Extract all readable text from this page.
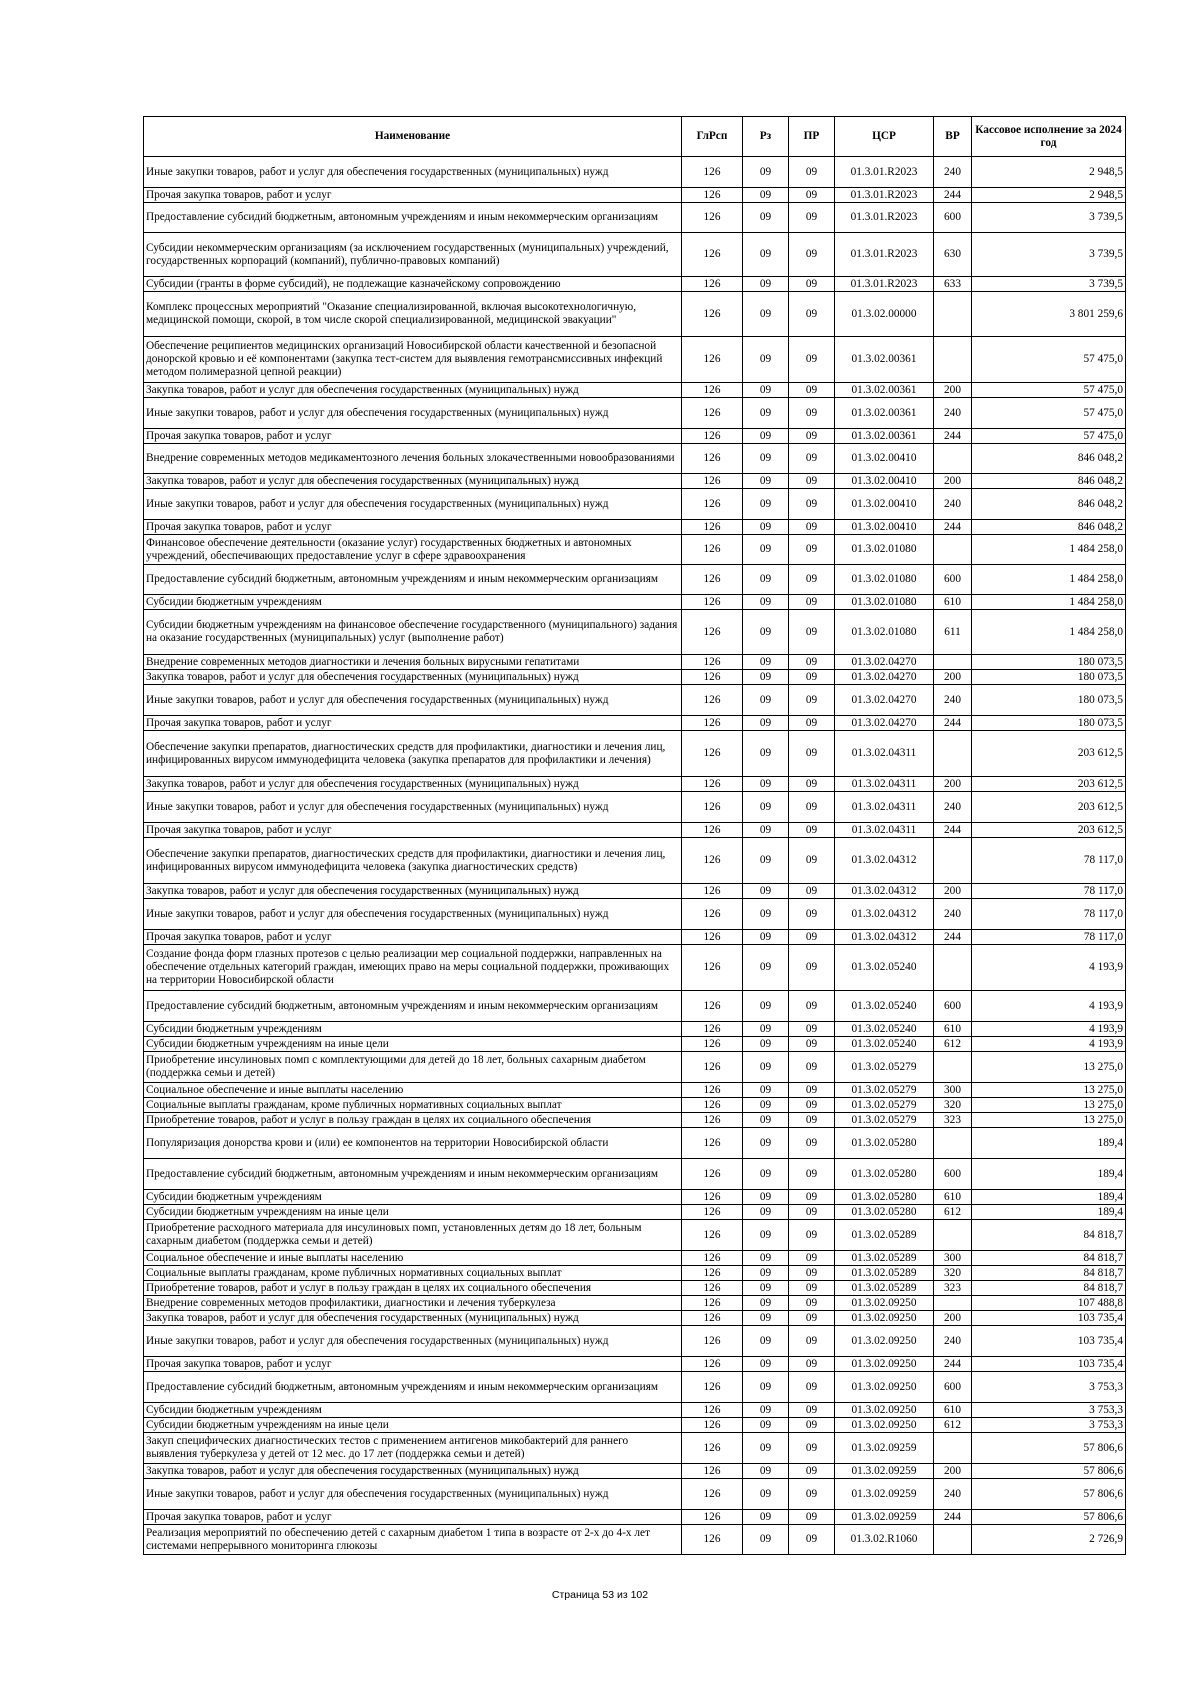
Наименование	ГлРсп	Рз	ПР	ЦСР	ВР	Кассовое исполнение за 2024 год
Иные закупки товаров, работ и услуг для обеспечения государственных (муниципальных) нужд	126	09	09	01.3.01.R2023	240	2 948,5
Прочая закупка товаров, работ и услуг	126	09	09	01.3.01.R2023	244	2 948,5
Предоставление субсидий бюджетным, автономным учреждениям и иным некоммерческим организациям	126	09	09	01.3.01.R2023	600	3 739,5
Субсидии некоммерческим организациям (за исключением государственных (муниципальных) учреждений, государственных корпораций (компаний), публично-правовых компаний)	126	09	09	01.3.01.R2023	630	3 739,5
Субсидии (гранты в форме субсидий), не подлежащие казначейскому сопровождению	126	09	09	01.3.01.R2023	633	3 739,5
Комплекс процессных мероприятий "Оказание специализированной, включая высокотехнологичную, медицинской помощи, скорой, в том числе скорой специализированной, медицинской эвакуации"	126	09	09	01.3.02.00000		3 801 259,6
Обеспечение реципиентов медицинских организаций Новосибирской области качественной и безопасной донорской кровью и её компонентами (закупка тест-систем для выявления гемотрансмиссивных инфекций методом полимеразной цепной реакции)	126	09	09	01.3.02.00361		57 475,0
Закупка товаров, работ и услуг для обеспечения государственных (муниципальных) нужд	126	09	09	01.3.02.00361	200	57 475,0
Иные закупки товаров, работ и услуг для обеспечения государственных (муниципальных) нужд	126	09	09	01.3.02.00361	240	57 475,0
Прочая закупка товаров, работ и услуг	126	09	09	01.3.02.00361	244	57 475,0
Внедрение современных методов медикаментозного лечения больных злокачественными новообразованиями	126	09	09	01.3.02.00410		846 048,2
Закупка товаров, работ и услуг для обеспечения государственных (муниципальных) нужд	126	09	09	01.3.02.00410	200	846 048,2
Иные закупки товаров, работ и услуг для обеспечения государственных (муниципальных) нужд	126	09	09	01.3.02.00410	240	846 048,2
Прочая закупка товаров, работ и услуг	126	09	09	01.3.02.00410	244	846 048,2
Финансовое обеспечение деятельности (оказание услуг) государственных бюджетных и автономных учреждений, обеспечивающих предоставление услуг в сфере здравоохранения	126	09	09	01.3.02.01080		1 484 258,0
Предоставление субсидий бюджетным, автономным учреждениям и иным некоммерческим организациям	126	09	09	01.3.02.01080	600	1 484 258,0
Субсидии бюджетным учреждениям	126	09	09	01.3.02.01080	610	1 484 258,0
Субсидии бюджетным учреждениям на финансовое обеспечение государственного (муниципального) задания на оказание государственных (муниципальных) услуг (выполнение работ)	126	09	09	01.3.02.01080	611	1 484 258,0
Внедрение современных методов диагностики и лечения больных вирусными гепатитами	126	09	09	01.3.02.04270		180 073,5
Закупка товаров, работ и услуг для обеспечения государственных (муниципальных) нужд	126	09	09	01.3.02.04270	200	180 073,5
Иные закупки товаров, работ и услуг для обеспечения государственных (муниципальных) нужд	126	09	09	01.3.02.04270	240	180 073,5
Прочая закупка товаров, работ и услуг	126	09	09	01.3.02.04270	244	180 073,5
Обеспечение закупки препаратов, диагностических средств для профилактики, диагностики и лечения лиц, инфицированных вирусом иммунодефицита человека (закупка препаратов для профилактики и лечения)	126	09	09	01.3.02.04311		203 612,5
Закупка товаров, работ и услуг для обеспечения государственных (муниципальных) нужд	126	09	09	01.3.02.04311	200	203 612,5
Иные закупки товаров, работ и услуг для обеспечения государственных (муниципальных) нужд	126	09	09	01.3.02.04311	240	203 612,5
Прочая закупка товаров, работ и услуг	126	09	09	01.3.02.04311	244	203 612,5
Обеспечение закупки препаратов, диагностических средств для профилактики, диагностики и лечения лиц, инфицированных вирусом иммунодефицита человека (закупка диагностических средств)	126	09	09	01.3.02.04312		78 117,0
Закупка товаров, работ и услуг для обеспечения государственных (муниципальных) нужд	126	09	09	01.3.02.04312	200	78 117,0
Иные закупки товаров, работ и услуг для обеспечения государственных (муниципальных) нужд	126	09	09	01.3.02.04312	240	78 117,0
Прочая закупка товаров, работ и услуг	126	09	09	01.3.02.04312	244	78 117,0
Создание фонда форм глазных протезов с целью реализации мер социальной поддержки, направленных на обеспечение отдельных категорий граждан, имеющих право на меры социальной поддержки, проживающих на территории Новосибирской области	126	09	09	01.3.02.05240		4 193,9
Предоставление субсидий бюджетным, автономным учреждениям и иным некоммерческим организациям	126	09	09	01.3.02.05240	600	4 193,9
Субсидии бюджетным учреждениям	126	09	09	01.3.02.05240	610	4 193,9
Субсидии бюджетным учреждениям на иные цели	126	09	09	01.3.02.05240	612	4 193,9
Приобретение инсулиновых помп с комплектующими для детей до 18 лет, больных сахарным диабетом (поддержка семьи и детей)	126	09	09	01.3.02.05279		13 275,0
Социальное обеспечение и иные выплаты населению	126	09	09	01.3.02.05279	300	13 275,0
Социальные выплаты гражданам, кроме публичных нормативных социальных выплат	126	09	09	01.3.02.05279	320	13 275,0
Приобретение товаров, работ и услуг в пользу граждан в целях их социального обеспечения	126	09	09	01.3.02.05279	323	13 275,0
Популяризация донорства крови и (или) ее компонентов на территории Новосибирской области	126	09	09	01.3.02.05280		189,4
Предоставление субсидий бюджетным, автономным учреждениям и иным некоммерческим организациям	126	09	09	01.3.02.05280	600	189,4
Субсидии бюджетным учреждениям	126	09	09	01.3.02.05280	610	189,4
Субсидии бюджетным учреждениям на иные цели	126	09	09	01.3.02.05280	612	189,4
Приобретение расходного материала для инсулиновых помп, установленных детям до 18 лет, больным сахарным диабетом (поддержка семьи и детей)	126	09	09	01.3.02.05289		84 818,7
Социальное обеспечение и иные выплаты населению	126	09	09	01.3.02.05289	300	84 818,7
Социальные выплаты гражданам, кроме публичных нормативных социальных выплат	126	09	09	01.3.02.05289	320	84 818,7
Приобретение товаров, работ и услуг в пользу граждан в целях их социального обеспечения	126	09	09	01.3.02.05289	323	84 818,7
Внедрение современных методов профилактики, диагностики и лечения туберкулеза	126	09	09	01.3.02.09250		107 488,8
Закупка товаров, работ и услуг для обеспечения государственных (муниципальных) нужд	126	09	09	01.3.02.09250	200	103 735,4
Иные закупки товаров, работ и услуг для обеспечения государственных (муниципальных) нужд	126	09	09	01.3.02.09250	240	103 735,4
Прочая закупка товаров, работ и услуг	126	09	09	01.3.02.09250	244	103 735,4
Предоставление субсидий бюджетным, автономным учреждениям и иным некоммерческим организациям	126	09	09	01.3.02.09250	600	3 753,3
Субсидии бюджетным учреждениям	126	09	09	01.3.02.09250	610	3 753,3
Субсидии бюджетным учреждениям на иные цели	126	09	09	01.3.02.09250	612	3 753,3
Закуп специфических диагностических тестов с применением антигенов микобактерий для раннего выявления туберкулеза у детей от 12 мес. до 17 лет (поддержка семьи и детей)	126	09	09	01.3.02.09259		57 806,6
Закупка товаров, работ и услуг для обеспечения государственных (муниципальных) нужд	126	09	09	01.3.02.09259	200	57 806,6
Иные закупки товаров, работ и услуг для обеспечения государственных (муниципальных) нужд	126	09	09	01.3.02.09259	240	57 806,6
Прочая закупка товаров, работ и услуг	126	09	09	01.3.02.09259	244	57 806,6
Реализация мероприятий по обеспечению детей с сахарным диабетом 1 типа в возрасте от 2-х до 4-х лет системами непрерывного мониторинга глюкозы	126	09	09	01.3.02.R1060		2 726,9
Страница 53 из 102
